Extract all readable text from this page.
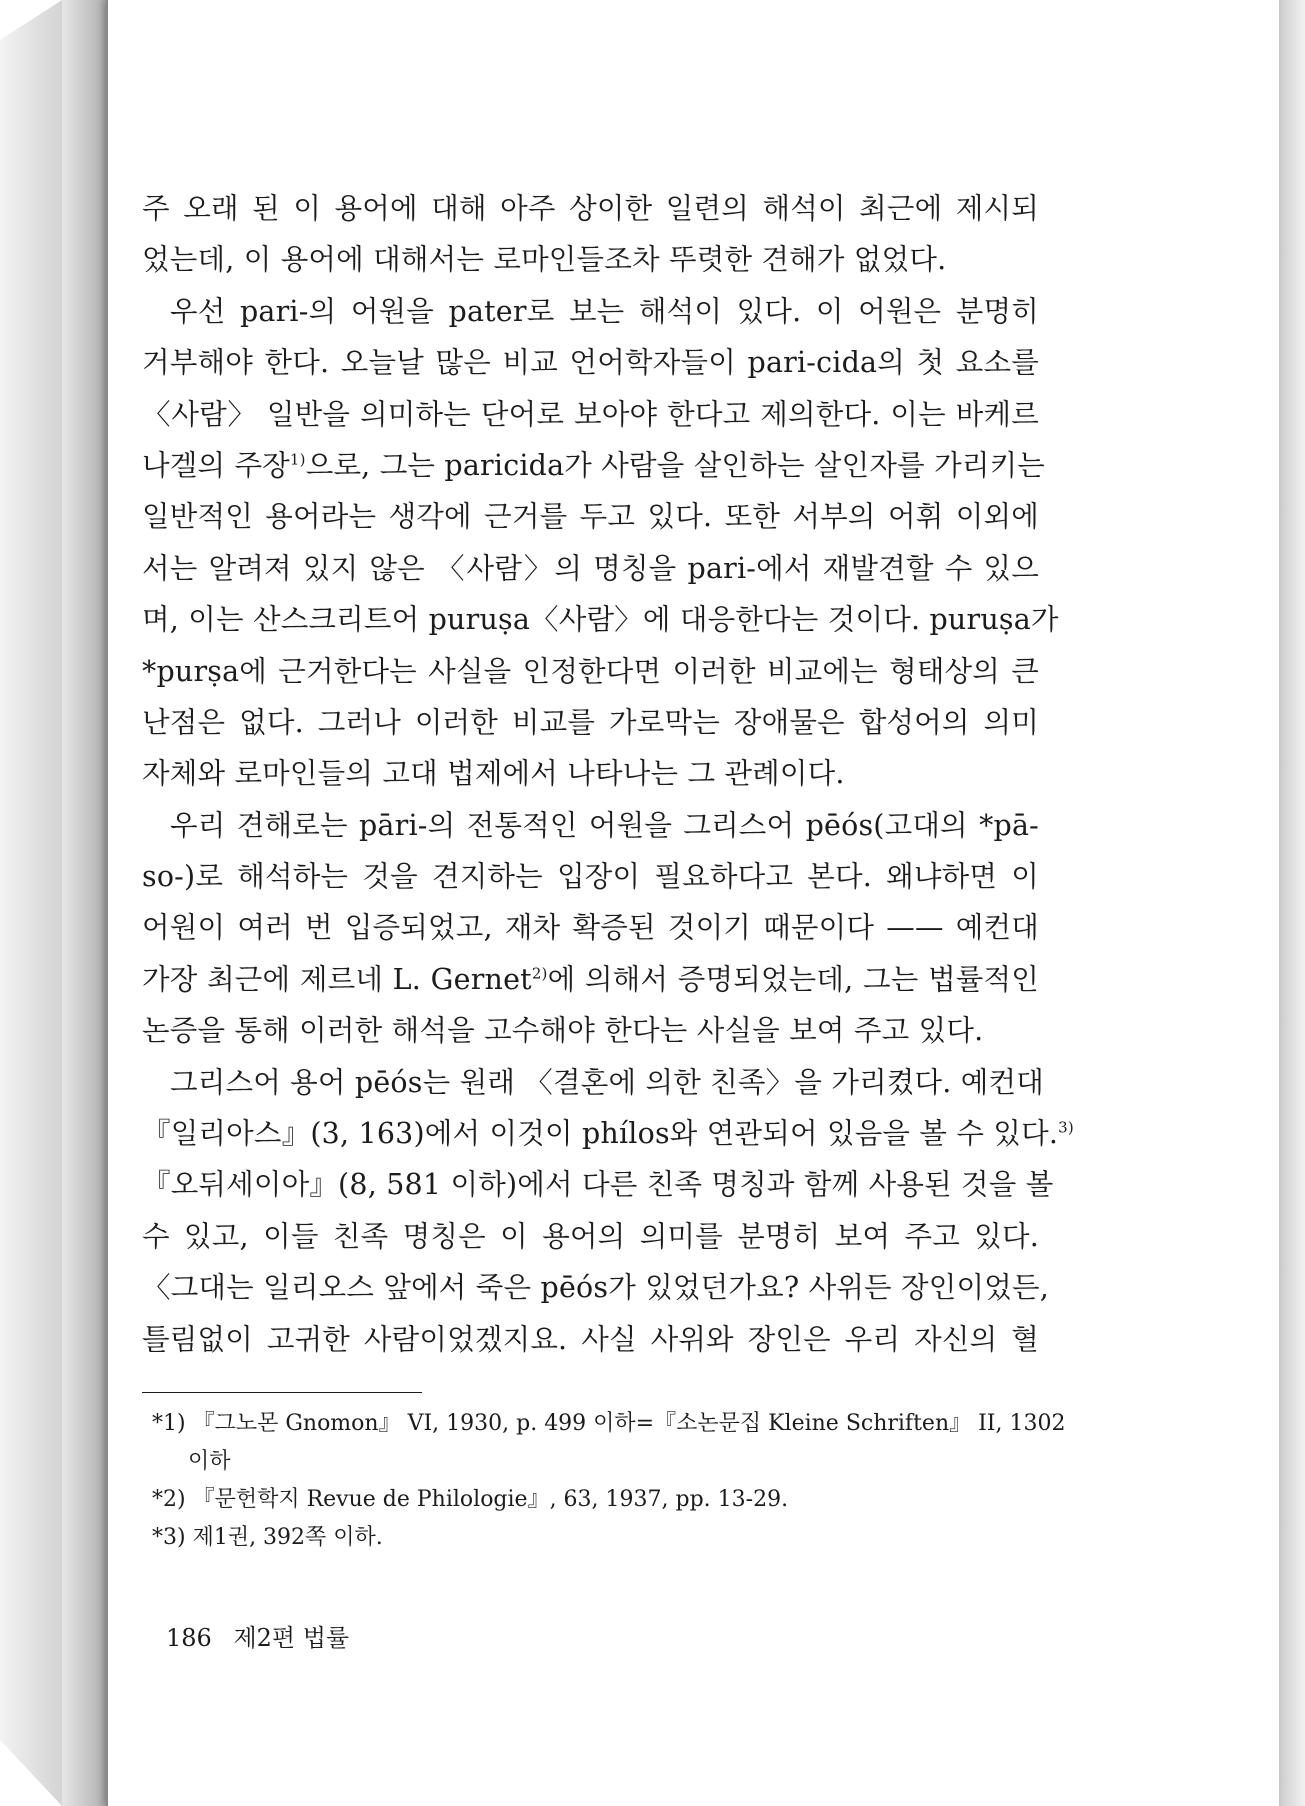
주 오래 된 이 용어에 대해 아주 상이한 일련의 해석이 최근에 제시되
었는데, 이 용어에 대해서는 로마인들조차 뚜렷한 견해가 없었다.
우선 pari-의 어원을 pater로 보는 해석이 있다. 이 어원은 분명히
거부해야 한다. 오늘날 많은 비교 언어학자들이 pari-cida의 첫 요소를
〈사람〉 일반을 의미하는 단어로 보아야 한다고 제의한다. 이는 바케르
나겔의 주장$^{1)}$으로, 그는 paricida가 사람을 살인하는 살인자를 가리키는
일반적인 용어라는 생각에 근거를 두고 있다. 또한 서부의 어휘 이외에
서는 알려져 있지 않은 〈사람〉의 명칭을 pari-에서 재발견할 수 있으
며, 이는 산스크리트어 puruṣa〈사람〉에 대응한다는 것이다. puruṣa가
*purṣa에 근거한다는 사실을 인정한다면 이러한 비교에는 형태상의 큰
난점은 없다. 그러나 이러한 비교를 가로막는 장애물은 합성어의 의미
자체와 로마인들의 고대 법제에서 나타나는 그 관례이다.
우리 견해로는 pāri-의 전통적인 어원을 그리스어 pēós(고대의 *pā-
so-)로 해석하는 것을 견지하는 입장이 필요하다고 본다. 왜냐하면 이
어원이 여러 번 입증되었고, 재차 확증된 것이기 때문이다 —— 예컨대
가장 최근에 제르네 L. Gernet$^{2)}$에 의해서 증명되었는데, 그는 법률적인
논증을 통해 이러한 해석을 고수해야 한다는 사실을 보여 주고 있다.
그리스어 용어 pēós는 원래 〈결혼에 의한 친족〉을 가리켰다. 예컨대
『일리아스』(3, 163)에서 이것이 phílos와 연관되어 있음을 볼 수 있다.$^{3)}$
『오뒤세이아』(8, 581 이하)에서 다른 친족 명칭과 함께 사용된 것을 볼
수 있고, 이들 친족 명칭은 이 용어의 의미를 분명히 보여 주고 있다.
〈그대는 일리오스 앞에서 죽은 pēós가 있었던가요? 사위든 장인이었든,
틀림없이 고귀한 사람이었겠지요. 사실 사위와 장인은 우리 자신의 혈
*1) 『그노몬 Gnomon』 VI, 1930, p. 499 이하=『소논문집 Kleine Schriften』 II, 1302
이하
*2) 『문헌학지 Revue de Philologie』, 63, 1937, pp. 13-29.
*3) 제1권, 392쪽 이하.
186 제2편 법률
